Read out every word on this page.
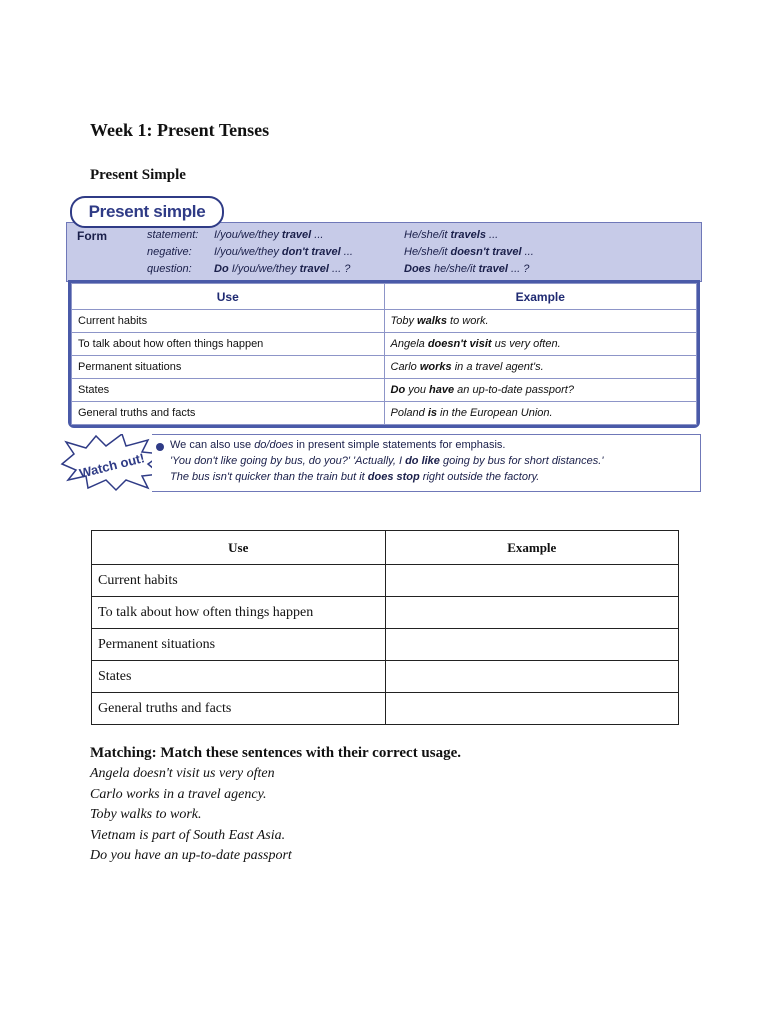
Week 1: Present Tenses
Present Simple
Form	statement: I/you/we/they travel ...	He/she/it travels ...
negative: I/you/we/they don't travel ...	He/she/it doesn't travel ...
question: Do I/you/we/they travel ... ?	Does he/she/it travel ... ?
Present simple
Use	Example
Current habits	Toby walks to work.
To talk about how often things happen	Angela doesn't visit us very often.
Permanent situations	Carlo works in a travel agent's.
States	Do you have an up-to-date passport?
General truths and facts	Poland is in the European Union.
Watch out!
We can also use do/does in present simple statements for emphasis.
'You don't like going by bus, do you?' 'Actually, I do like going by bus for short distances.'
The bus isn't quicker than the train but it does stop right outside the factory.
Use	Example
Current habits	
To talk about how often things happen	
Permanent situations	
States	
General truths and facts	
Matching: Match these sentences with their correct usage.
Angela doesn't visit us very often
Carlo works in a travel agency.
Toby walks to work.
Vietnam is part of South East Asia.
Do you have an up-to-date passport
